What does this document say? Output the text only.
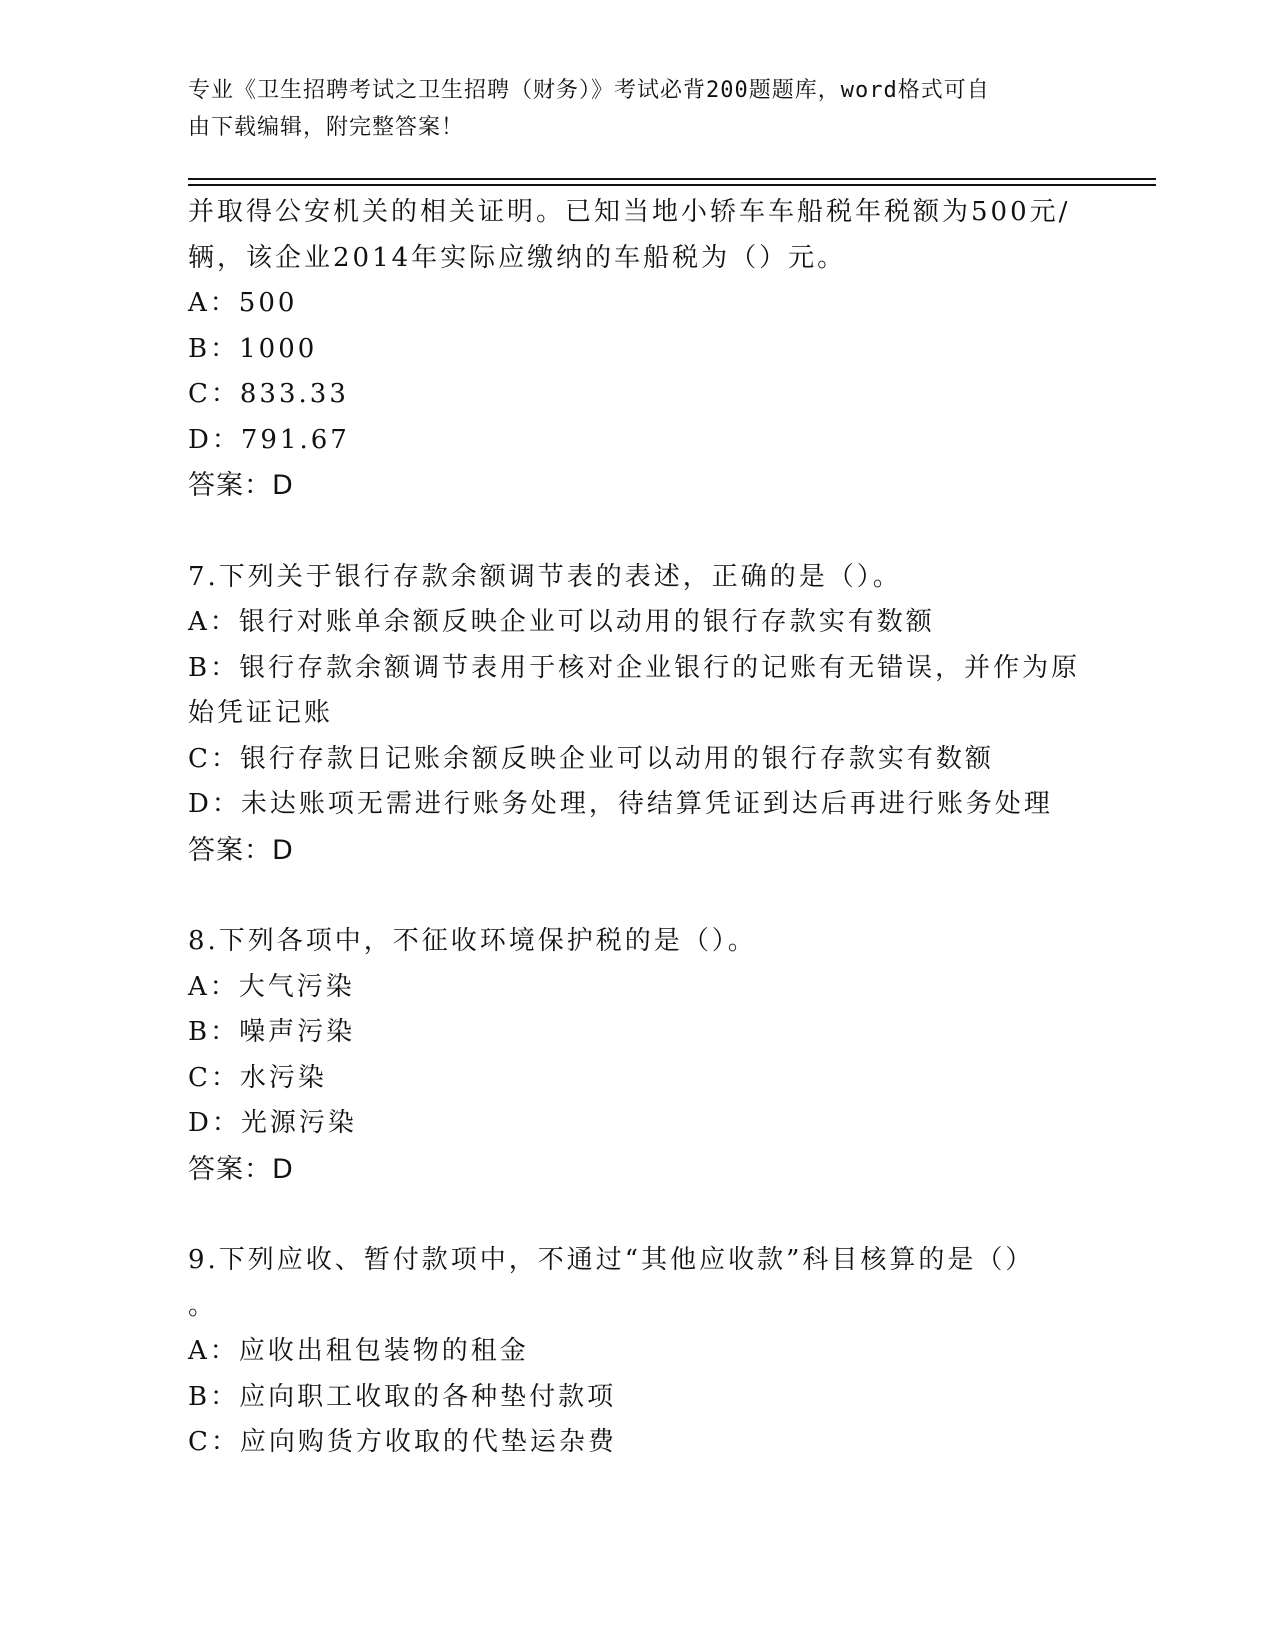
专业《卫生招聘考试之卫生招聘（财务）》考试必背200题题库，word格式可自
由下载编辑，附完整答案！
并取得公安机关的相关证明。已知当地小轿车车船税年税额为500元/
辆，该企业2014年实际应缴纳的车船税为（）元。
A：500
B：1000
C：833.33
D：791.67
答案：D
7.下列关于银行存款余额调节表的表述，正确的是（）。
A：银行对账单余额反映企业可以动用的银行存款实有数额
B：银行存款余额调节表用于核对企业银行的记账有无错误，并作为原
始凭证记账
C：银行存款日记账余额反映企业可以动用的银行存款实有数额
D：未达账项无需进行账务处理，待结算凭证到达后再进行账务处理
答案：D
8.下列各项中，不征收环境保护税的是（）。
A：大气污染
B：噪声污染
C：水污染
D：光源污染
答案：D
9.下列应收、暂付款项中，不通过“其他应收款”科目核算的是（）
。
A：应收出租包装物的租金
B：应向职工收取的各种垫付款项
C：应向购货方收取的代垫运杂费
